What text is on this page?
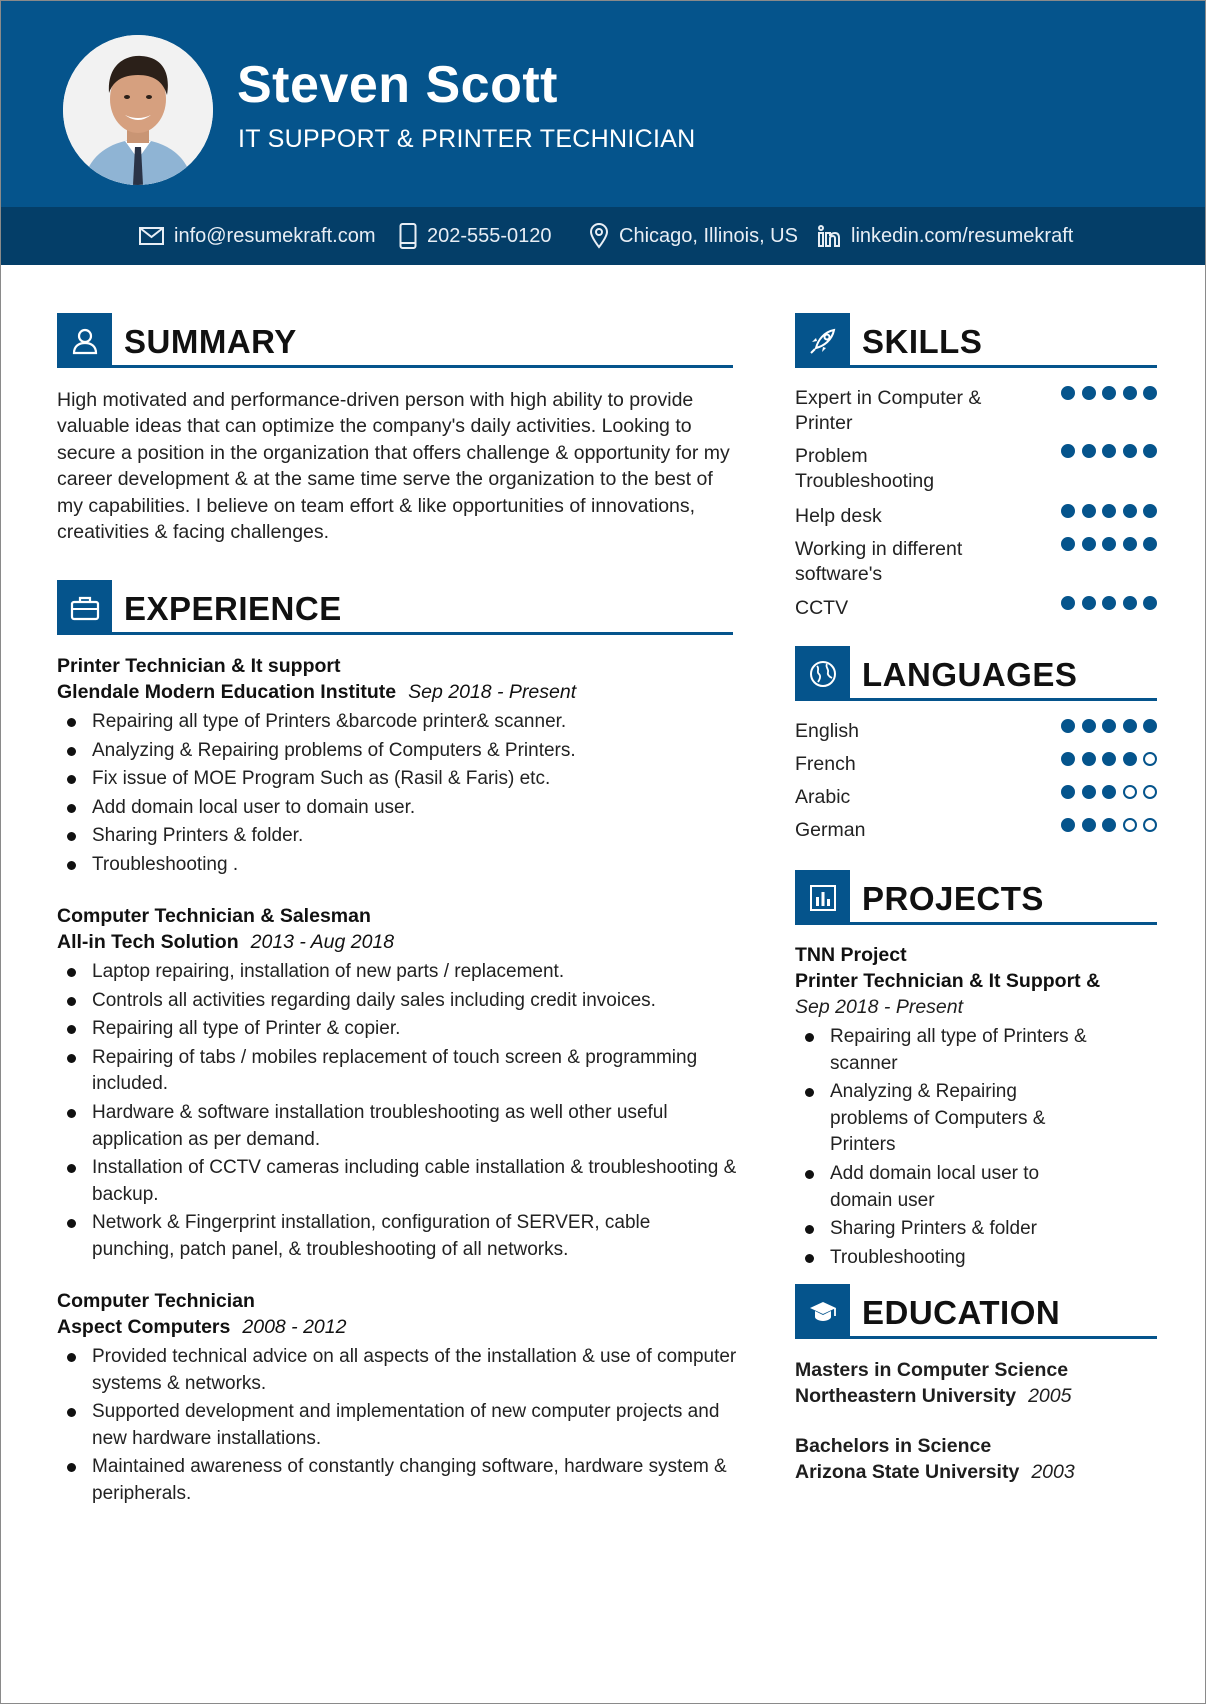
Steven Scott
IT SUPPORT & PRINTER TECHNICIAN
info@resumekraft.com	202-555-0120	Chicago, Illinois, US	linkedin.com/resumekraft
SUMMARY
High motivated and performance-driven person with high ability to provide valuable ideas that can optimize the company's daily activities. Looking to secure a position in the organization that offers challenge & opportunity for my career development & at the same time serve the organization to the best of my capabilities. I believe on team effort & like opportunities of innovations, creativities & facing challenges.
EXPERIENCE
Printer Technician & It support
Glendale Modern Education Institute Sep 2018 - Present
Repairing all type of Printers &barcode printer& scanner.
Analyzing & Repairing problems of Computers & Printers.
Fix issue of MOE Program Such as (Rasil & Faris) etc.
Add domain local user to domain user.
Sharing Printers & folder.
Troubleshooting .
Computer Technician & Salesman
All-in Tech Solution 2013 - Aug 2018
Laptop repairing, installation of new parts / replacement.
Controls all activities regarding daily sales including credit invoices.
Repairing all type of Printer & copier.
Repairing of tabs / mobiles replacement of touch screen & programming included.
Hardware & software installation troubleshooting as well other useful application as per demand.
Installation of CCTV cameras including cable installation & troubleshooting & backup.
Network & Fingerprint installation, configuration of SERVER, cable punching, patch panel, & troubleshooting of all networks.
Computer Technician
Aspect Computers 2008 - 2012
Provided technical advice on all aspects of the installation & use of computer systems & networks.
Supported development and implementation of new computer projects and new hardware installations.
Maintained awareness of constantly changing software, hardware system & peripherals.
SKILLS
Expert in Computer & Printer
Problem Troubleshooting
Help desk
Working in different software's
CCTV
LANGUAGES
English
French
Arabic
German
PROJECTS
TNN Project
Printer Technician & It Support &
Sep 2018 - Present
Repairing all type of Printers & scanner
Analyzing & Repairing problems of Computers & Printers
Add domain local user to domain user
Sharing Printers & folder
Troubleshooting
EDUCATION
Masters in Computer Science
Northeastern University 2005
Bachelors in Science
Arizona State University 2003
